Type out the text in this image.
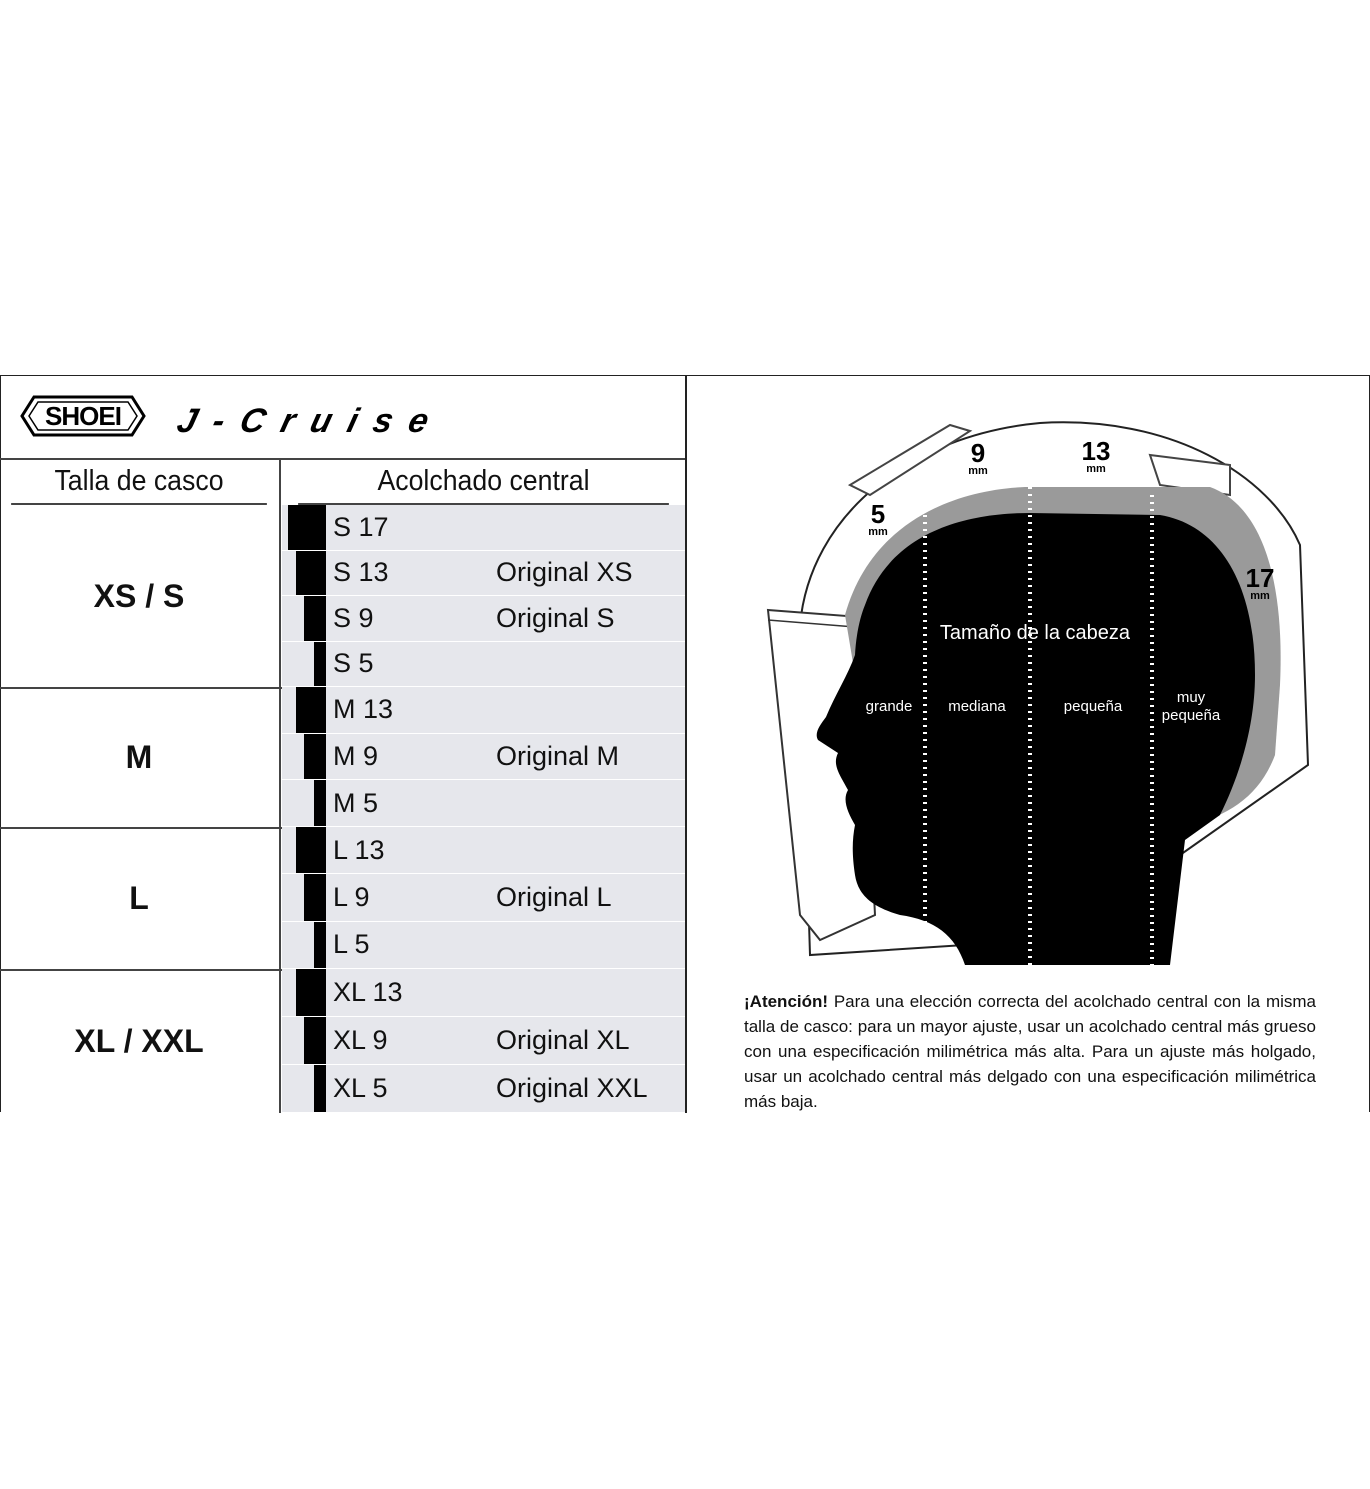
SHOEI J-Cruise
Talla de casco	Acolchado central
XS / S
S 17
S 13	Original XS
S 9	Original S
S 5
M
M 13
M 9	Original M
M 5
L
L 13
L 9	Original L
L 5
XL / XXL
XL 13
XL 9	Original XL
XL 5	Original XXL
5
mm
9
mm
13
mm
17
mm
Tamaño de la cabeza
grande mediana	pequeña
muy
pequeña

¡Atención! Para una elección correcta del acolchado central con la misma talla de casco: para un mayor ajuste, usar un acolchado central más grueso con una especificación milimétrica más alta. Para un ajuste más holgado, usar un acolchado central más delgado con una especificación milimétrica más baja.
